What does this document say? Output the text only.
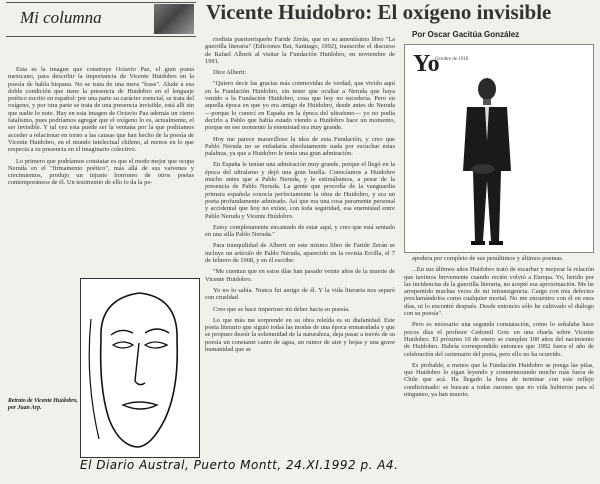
Mi columna	Vicente Huidobro: El oxígeno invisible
Por Oscar Gacitúa González

Esta es la imagen que construye Octavio Paz, el gran poeta mexicano, para describir la importancia de Vicente Huidobro en la poesía de habla hispana. No se trata de una mera "frase". Alude a esa doble condición que tiene la presencia de Huidobro en el lenguaje poético escrito en español: por una parte su carácter esencial, se trata del oxígeno, y por otra parte se trata de una presencia invisible, está allí sin que nadie lo note. Hay en esta imagen de Octavio Paz además un cierto fatalismo, pues podríamos agregar que el oxígeno lo es, actualmente, el ser invisible. Y tal vez esta puede ser la ventana por la que podríamos acceder a relacionar en torno a las causas que han hecho de la poesía de Vicente Huidobro, en el mundo intelectual chileno, al menos en lo que respecta a su presencia en el imaginario colectivo.

Lo primero que podríamos constatar es que el modo mejor que ocupa Neruda en el "firmamento poético", más allá de sus vaivenes y crecimientos, produjo un injusto borroneo de otros poetas contemporáneos de él. Un testimonio de ello lo da la pe-

riodista puertorriqueño Faride Zerán, que en su ameniísimo libro "La guerrilla literaria" (Ediciones Bat, Santiago, 1992), transcribe el discurso de Rafael Alberti al visitar la Fundación Huidobro, en noviembre de 1991.

Dice Alberti:

"Quiero decir las gracias más conmovidas de verdad, que vivido aquí en la Fundación Huidobro, sin tener que ocultar a Neruda que haya venido a la Fundación Huidobro, cosa que hoy no sucedería. Pero en aquella época en que yo era amigo de Huidobro, desde antes de Neruda —porque lo conocí en España en la época del ultraísmo— yo no podía decirlo a Pablo que había estado viendo a Huidobro hace un momento, porque en ese momento la enemistad era muy grande.

Hoy me parece maravilloso la idea de esta Fundación, y creo que Pablo Neruda no se enfadaría absolutamente nada por escuchar estas palabras, ya que a Huidobro le tenía una gran admiración.

En España le tenían una admiración muy grande, porque el llegó en la época del ultraísmo y dejó una gran huella. Conocíamos a Huidobro mucho antes que a Pablo Neruda, y le estimábamos, a pesar de la presencia de Pablo Neruda. La gente que procedía de la vanguardia primera española conocía perfectamente la obra de Huidobro, y era un poeta profundamente admirado. Así que era una cosa puramente personal y accidental que hoy no existe, con toda seguridad, esa enemistad entre Pablo Neruda y Vicente Huidobro.

Estoy completamente encantado de estar aquí, y creo que está sentado en una silla Pablo Neruda."

Para tranquilidad de Alberti en este mismo libro de Faride Zerán se incluye un artículo de Pablo Neruda, aparecido en la revista Ercilla, el 7 de febrero de 1968, y en él escribe:

"Me cuentan que en estos días han pasado veinte años de la muerte de Vicente Huidobro.

Yo no lo sabía. Nunca fui amigo de él. Y la vida literaria nos separó con crueldad.

Creo que se hace imperioso mi deber hacia su poesía.

Lo que más me sorprende en su obra releída es su diafanidad. Este poeta literario que siguió todas las modas de una época enmarañada y que se propuso desoír la solemnidad de la naturaleza, deja pasar a través de su poesía un constante canto de agua, un rumor de aire y hojas y una grave humanidad que se

Yo
Octubre de 1918

apodera por completo de sus penúltimos y últimos poemas.

...En sus últimos años Huidobro trató de escarbar y mejorar la relación que tuvimos brevemente cuando recién volvió a Europa. Yo, herido por las incidencias de la guerrilla literaria, no acepté esa aproximación. Me he arrepentido muchas veces de mi intransigencia. Cargo con mis defectos proclamándolos como cualquier mortal. No me encuentro con él en esos días, ni lo encontré después. Desde entonces sólo he cultivado el diálogo con su poesía".

Pero es necesario una segunda constatación, como lo señalaba hace pocos días el profesor Cedomil Goic en una charla sobre Vicente Huidobro. El próximo 10 de enero se cumplen 100 años del nacimiento de Huidobro. Habría correspondido entonces que 1992 fuera el año de celebración del centenario del poeta, pero ello no ha ocurrido.

Es probable, a menos que la Fundación Huidobro se ponga las pilas, que Huidobro lo sigan leyendo y conmemorando mucho más fuera de Chile que acá. Ha llegado la hora de terminar con este reflejo condicionado: se buscan a todas razones que no vida hubieron para el ninguneo, ya han muerto.

Retrato de Vicente Huidobro, por Juan Arp.
El Diario Austral, Puerto Montt, 24.XI.1992 p. A4.
